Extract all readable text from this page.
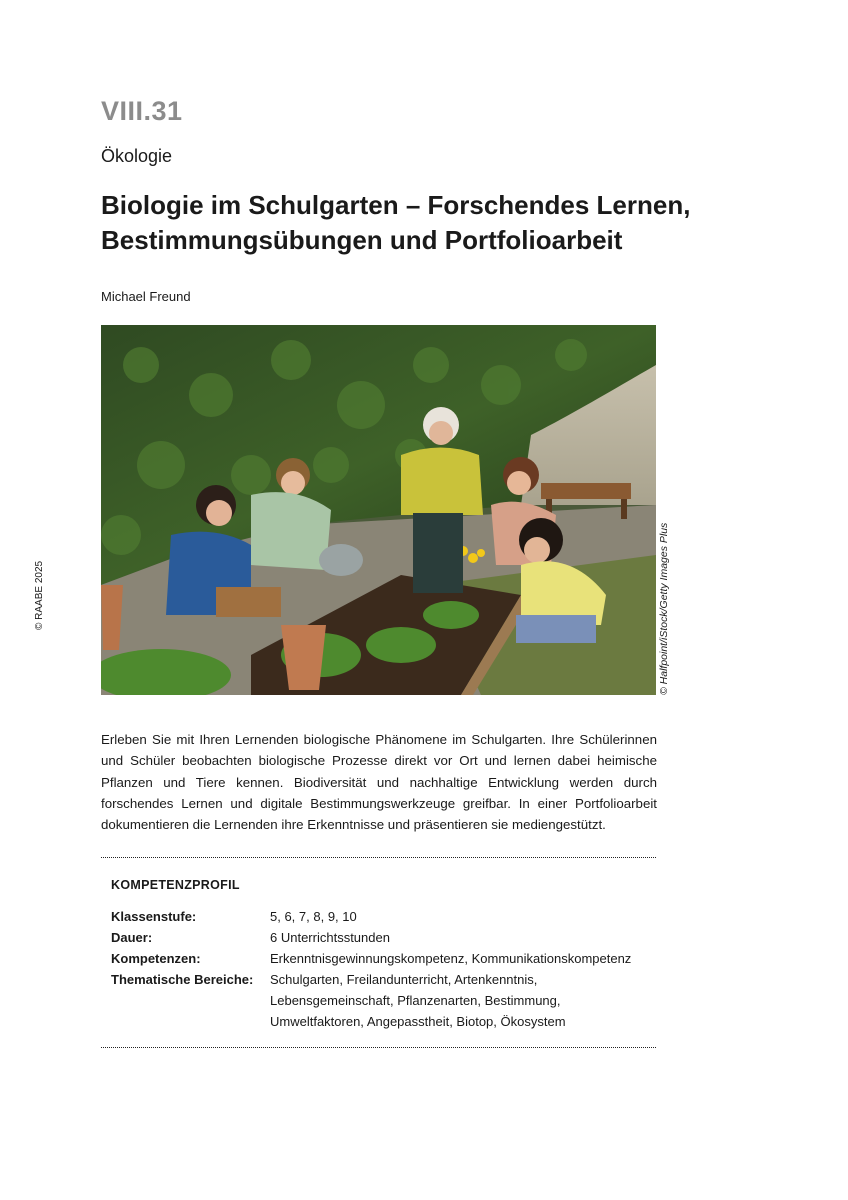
VIII.31
Ökologie
Biologie im Schulgarten – Forschendes Lernen, Bestimmungsübungen und Portfolioarbeit
Michael Freund
© Halfpoint/iStock/Getty Images Plus
© RAABE 2025
Erleben Sie mit Ihren Lernenden biologische Phänomene im Schulgarten. Ihre Schülerinnen und Schüler beobachten biologische Prozesse direkt vor Ort und lernen dabei heimische Pflanzen und Tiere kennen. Biodiversität und nachhaltige Entwicklung werden durch forschendes Lernen und digitale Bestimmungswerkzeuge greifbar. In einer Portfolioarbeit dokumentieren die Lernenden ihre Erkenntnisse und präsentieren sie mediengestützt.
KOMPETENZPROFIL
Klassenstufe:	5, 6, 7, 8, 9, 10
Dauer:	6 Unterrichtsstunden
Kompetenzen:	Erkenntnisgewinnungskompetenz, Kommunikationskompetenz
Thematische Bereiche:	Schulgarten, Freilandunterricht, Artenkenntnis, Lebensgemeinschaft, Pflanzenarten, Bestimmung, Umweltfaktoren, Angepasstheit, Biotop, Ökosystem
